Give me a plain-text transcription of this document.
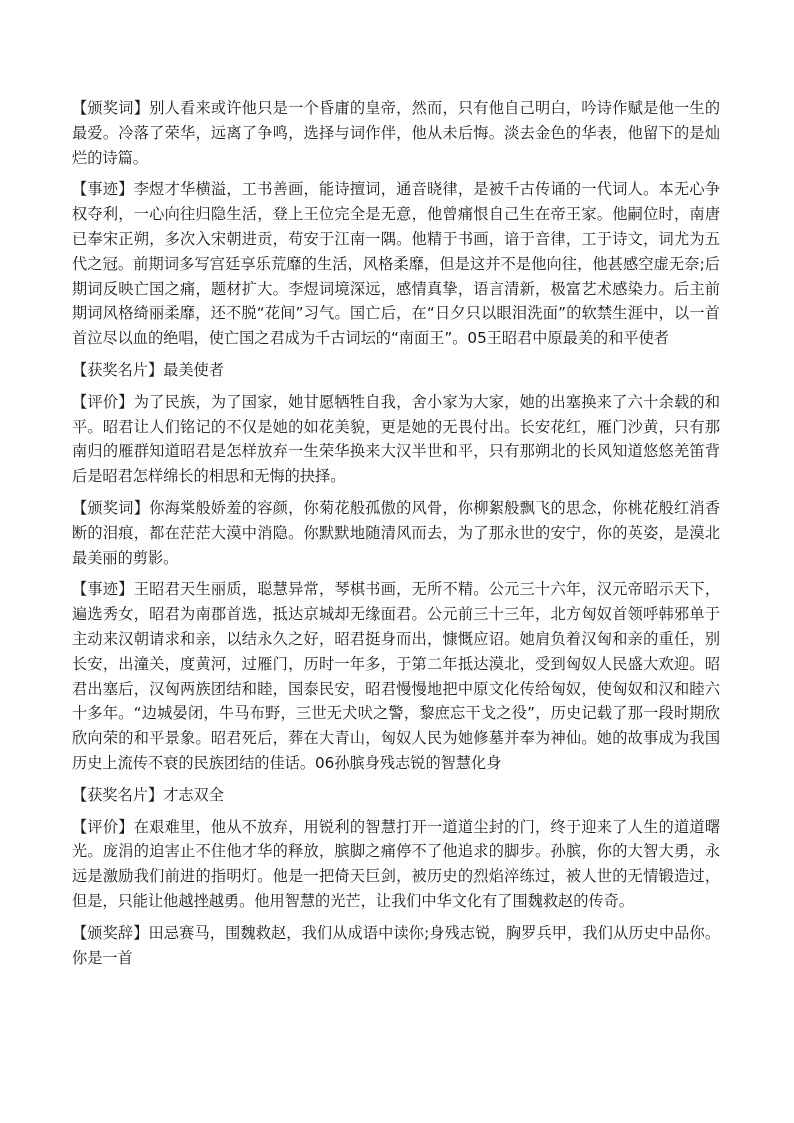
【颁奖词】别人看来或许他只是一个昏庸的皇帝，然而，只有他自己明白，吟诗作赋是他一生的最爱。冷落了荣华，远离了争鸣，选择与词作伴，他从未后悔。淡去金色的华表，他留下的是灿烂的诗篇。

【事迹】李煜才华横溢，工书善画，能诗擅词，通音晓律，是被千古传诵的一代词人。本无心争权夺利，一心向往归隐生活，登上王位完全是无意，他曾痛恨自己生在帝王家。他嗣位时，南唐已奉宋正朔，多次入宋朝进贡，苟安于江南一隅。他精于书画，谙于音律，工于诗文，词尤为五代之冠。前期词多写宫廷享乐荒靡的生活，风格柔靡，但是这并不是他向往，他甚感空虚无奈;后期词反映亡国之痛，题材扩大。李煜词境深远，感情真挚，语言清新，极富艺术感染力。后主前期词风格绮丽柔靡，还不脱“花间”习气。国亡后，在“日夕只以眼泪洗面”的软禁生涯中，以一首首泣尽以血的绝唱，使亡国之君成为千古词坛的“南面王”。05王昭君中原最美的和平使者

【获奖名片】最美使者

【评价】为了民族，为了国家，她甘愿牺牲自我，舍小家为大家，她的出塞换来了六十余载的和平。昭君让人们铭记的不仅是她的如花美貌，更是她的无畏付出。长安花红，雁门沙黄，只有那南归的雁群知道昭君是怎样放弃一生荣华换来大汉半世和平，只有那朔北的长风知道悠悠羌笛背后是昭君怎样绵长的相思和无悔的抉择。

【颁奖词】你海棠般娇羞的容颜，你菊花般孤傲的风骨，你柳絮般飘飞的思念，你桃花般红消香断的泪痕，都在茫茫大漠中消隐。你默默地随清风而去，为了那永世的安宁，你的英姿，是漠北最美丽的剪影。

【事迹】王昭君天生丽质，聪慧异常，琴棋书画，无所不精。公元三十六年，汉元帝昭示天下，遍选秀女，昭君为南郡首选，抵达京城却无缘面君。公元前三十三年，北方匈奴首领呼韩邪单于主动来汉朝请求和亲，以结永久之好，昭君挺身而出，慷慨应诏。她肩负着汉匈和亲的重任，别长安，出潼关，度黄河，过雁门，历时一年多，于第二年抵达漠北，受到匈奴人民盛大欢迎。昭君出塞后，汉匈两族团结和睦，国泰民安，昭君慢慢地把中原文化传给匈奴，使匈奴和汉和睦六十多年。“边城晏闭，牛马布野，三世无犬吠之警，黎庶忘干戈之役”，历史记载了那一段时期欣欣向荣的和平景象。昭君死后，葬在大青山，匈奴人民为她修墓并奉为神仙。她的故事成为我国历史上流传不衰的民族团结的佳话。06孙膑身残志锐的智慧化身

【获奖名片】才志双全

【评价】在艰难里，他从不放弃，用锐利的智慧打开一道道尘封的门，终于迎来了人生的道道曙光。庞涓的迫害止不住他才华的释放，膑脚之痛停不了他追求的脚步。孙膑，你的大智大勇，永远是激励我们前进的指明灯。他是一把倚天巨剑，被历史的烈焰淬练过，被人世的无情锻造过，但是，只能让他越挫越勇。他用智慧的光芒，让我们中华文化有了围魏救赵的传奇。

【颁奖辞】田忌赛马，围魏救赵，我们从成语中读你;身残志锐，胸罗兵甲，我们从历史中品你。你是一首
